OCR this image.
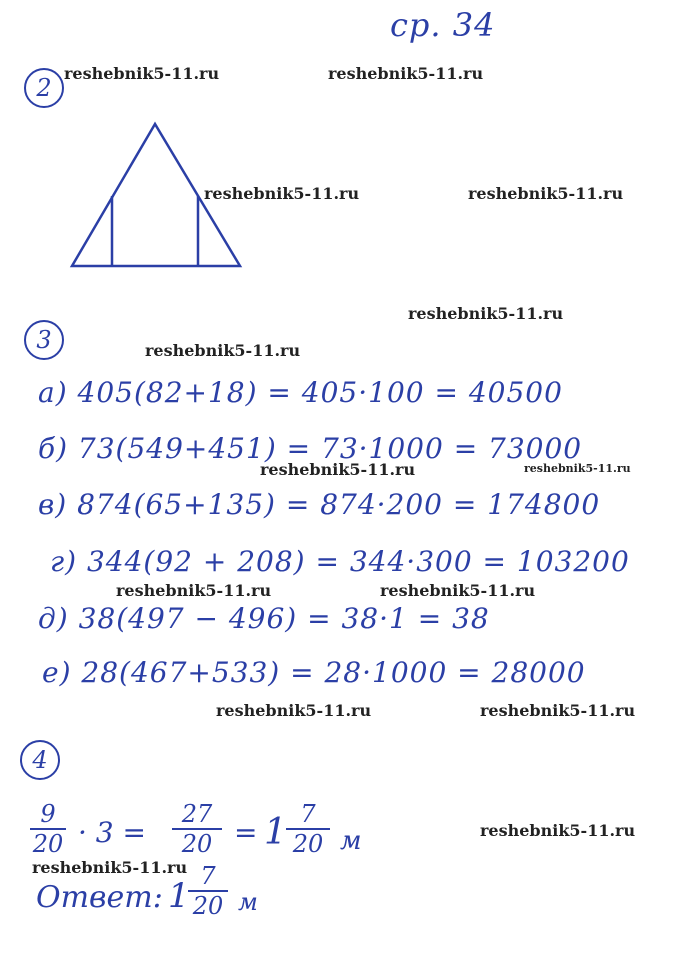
ср. 34
2
3
а) 405(82+18) = 405·100 = 40500
б) 73(549+451) = 73·1000 = 73000
в) 874(65+135) = 874·200 = 174800
г) 344(92 + 208) = 344·300 = 103200
д) 38(497 − 496) = 38·1 = 38
е) 28(467+533) = 28·1000 = 28000
4
9
20 · 3 =
27
20 = 1 7
20 м
Ответ: 1 7
20 м
reshebnik5-11.ru	reshebnik5-11.ru
reshebnik5-11.ru	reshebnik5-11.ru
reshebnik5-11.ru
reshebnik5-11.ru
reshebnik5-11.ru	reshebnik5-11.ru
reshebnik5-11.ru	reshebnik5-11.ru
reshebnik5-11.ru	reshebnik5-11.ru
reshebnik5-11.ru
reshebnik5-11.ru
